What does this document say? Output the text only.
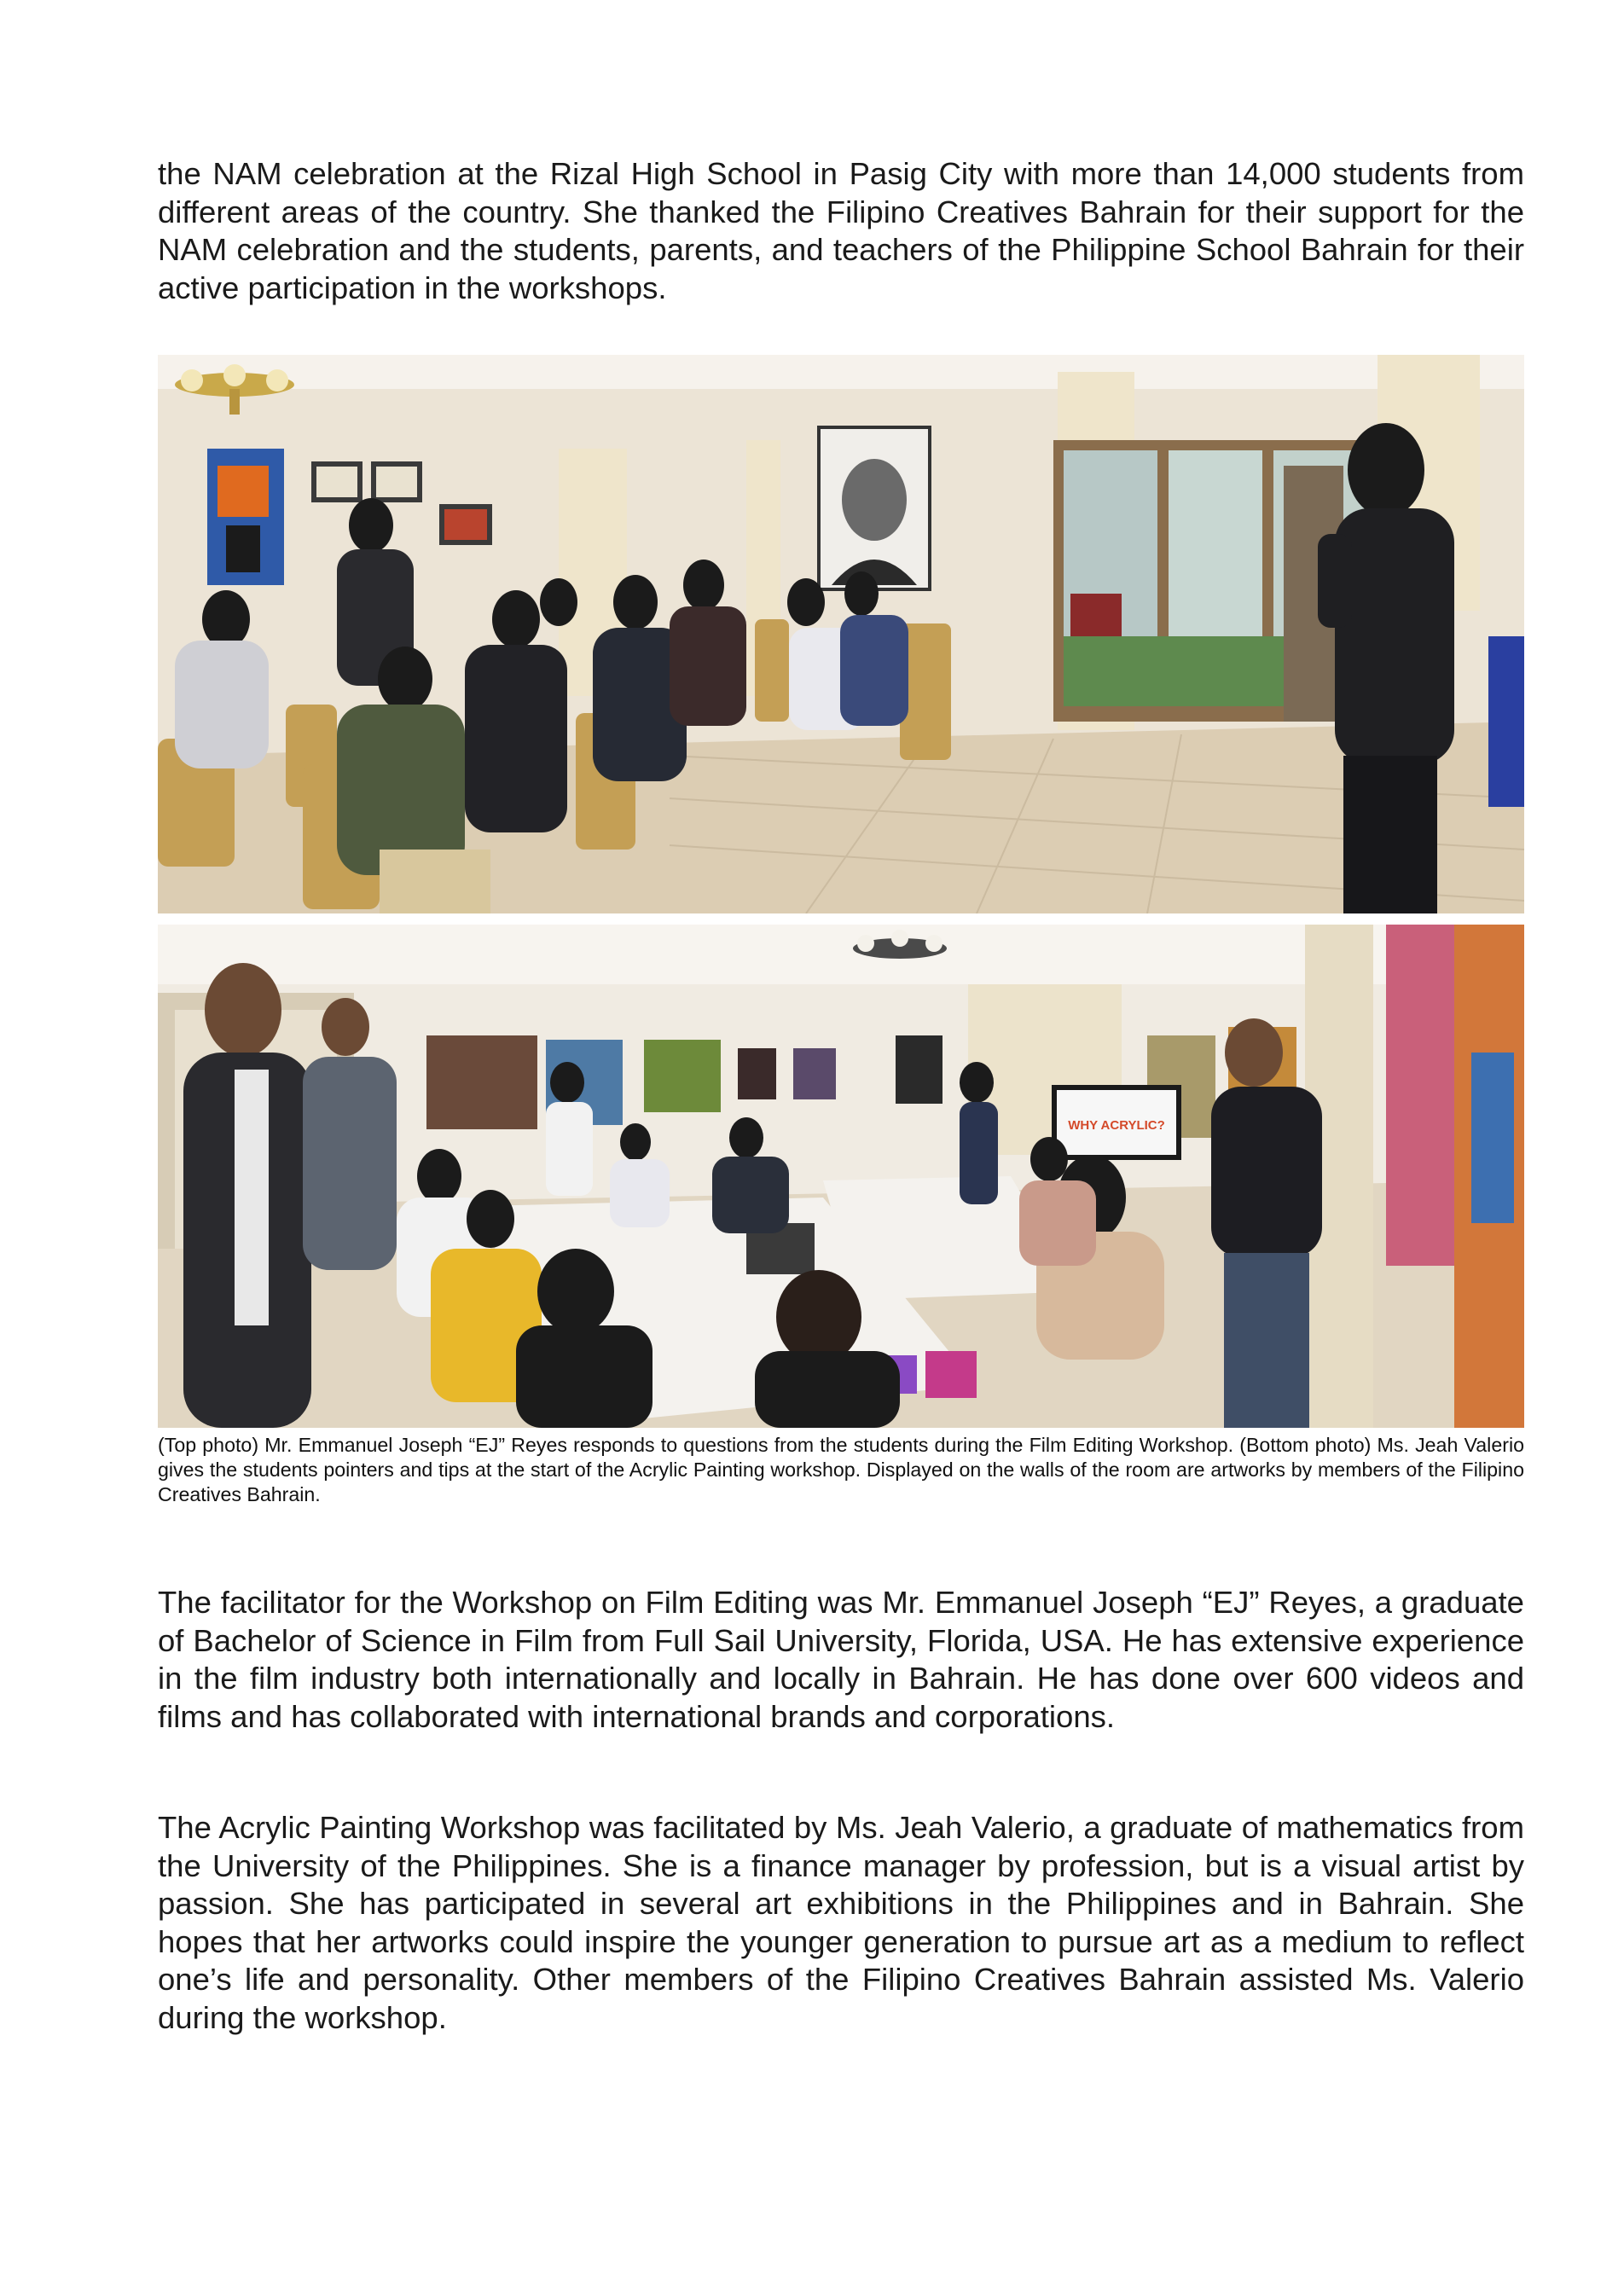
the NAM celebration at the Rizal High School in Pasig City with more than 14,000 students from different areas of the country. She thanked the Filipino Creatives Bahrain for their support for the NAM celebration and the students, parents, and teachers of the Philippine School Bahrain for their active participation in the workshops.

WHY ACRYLIC?

(Top photo) Mr. Emmanuel Joseph “EJ” Reyes responds to questions from the students during the Film Editing Workshop. (Bottom photo) Ms. Jeah Valerio gives the students pointers and tips at the start of the Acrylic Painting workshop. Displayed on the walls of the room are artworks by members of the Filipino Creatives Bahrain.

The facilitator for the Workshop on Film Editing was Mr. Emmanuel Joseph “EJ” Reyes, a graduate of Bachelor of Science in Film from Full Sail University, Florida, USA. He has extensive experience in the film industry both internationally and locally in Bahrain. He has done over 600 videos and films and has collaborated with international brands and corporations.

The Acrylic Painting Workshop was facilitated by Ms. Jeah Valerio, a graduate of mathematics from the University of the Philippines. She is a finance manager by profession, but is a visual artist by passion. She has participated in several art exhibitions in the Philippines and in Bahrain. She hopes that her artworks could inspire the younger generation to pursue art as a medium to reflect one’s life and personality. Other members of the Filipino Creatives Bahrain assisted Ms. Valerio during the workshop.
